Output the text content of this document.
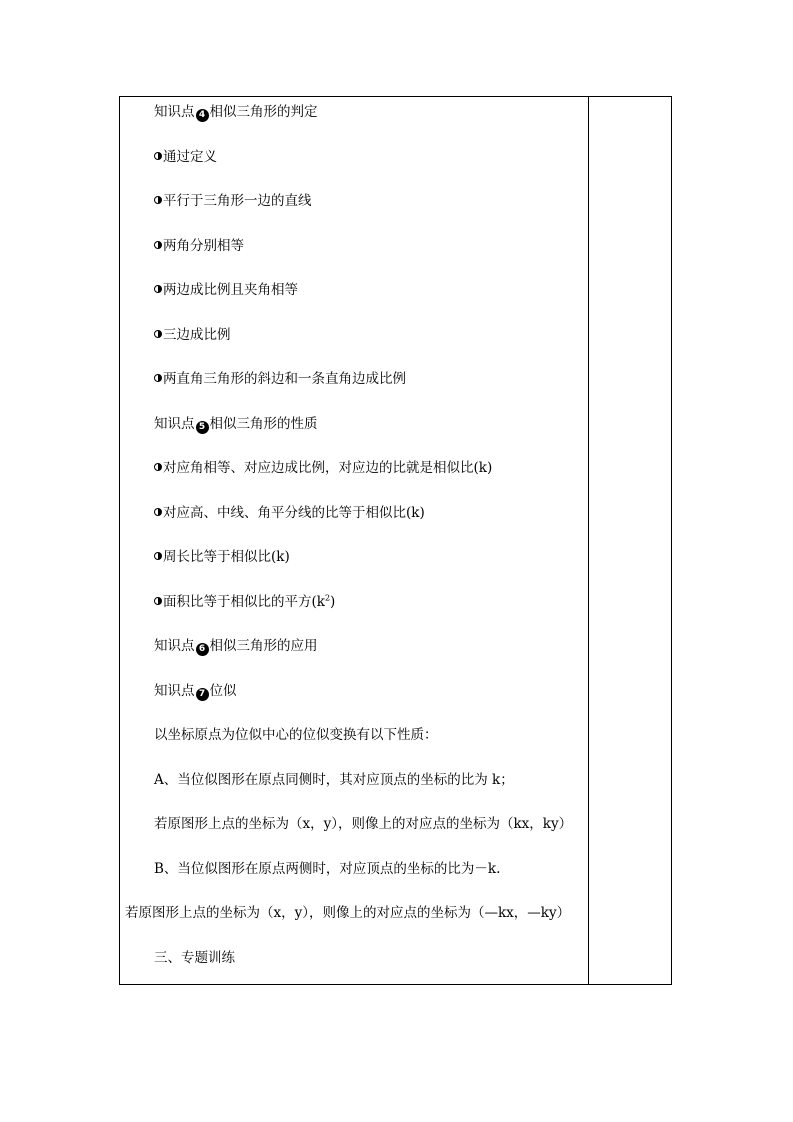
知识点 4 相似三角形的判定
通过定义
平行于三角形一边的直线
两角分别相等
两边成比例且夹角相等
三边成比例
两直角三角形的斜边和一条直角边成比例
知识点 5 相似三角形的性质
对应角相等、对应边成比例，对应边的比就是相似比(k)
对应高、中线、角平分线的比等于相似比(k)
周长比等于相似比(k)
面积比等于相似比的平方$(k^2)$
知识点 6 相似三角形的应用
知识点 7 位似
以坐标原点为位似中心的位似变换有以下性质：
A、当位似图形在原点同侧时，其对应顶点的坐标的比为 k；
若原图形上点的坐标为（x，y），则像上的对应点的坐标为（kx，ky）
B、当位似图形在原点两侧时，对应顶点的坐标的比为－k.
若原图形上点的坐标为（x，y），则像上的对应点的坐标为（—kx，—ky）
三、专题训练
